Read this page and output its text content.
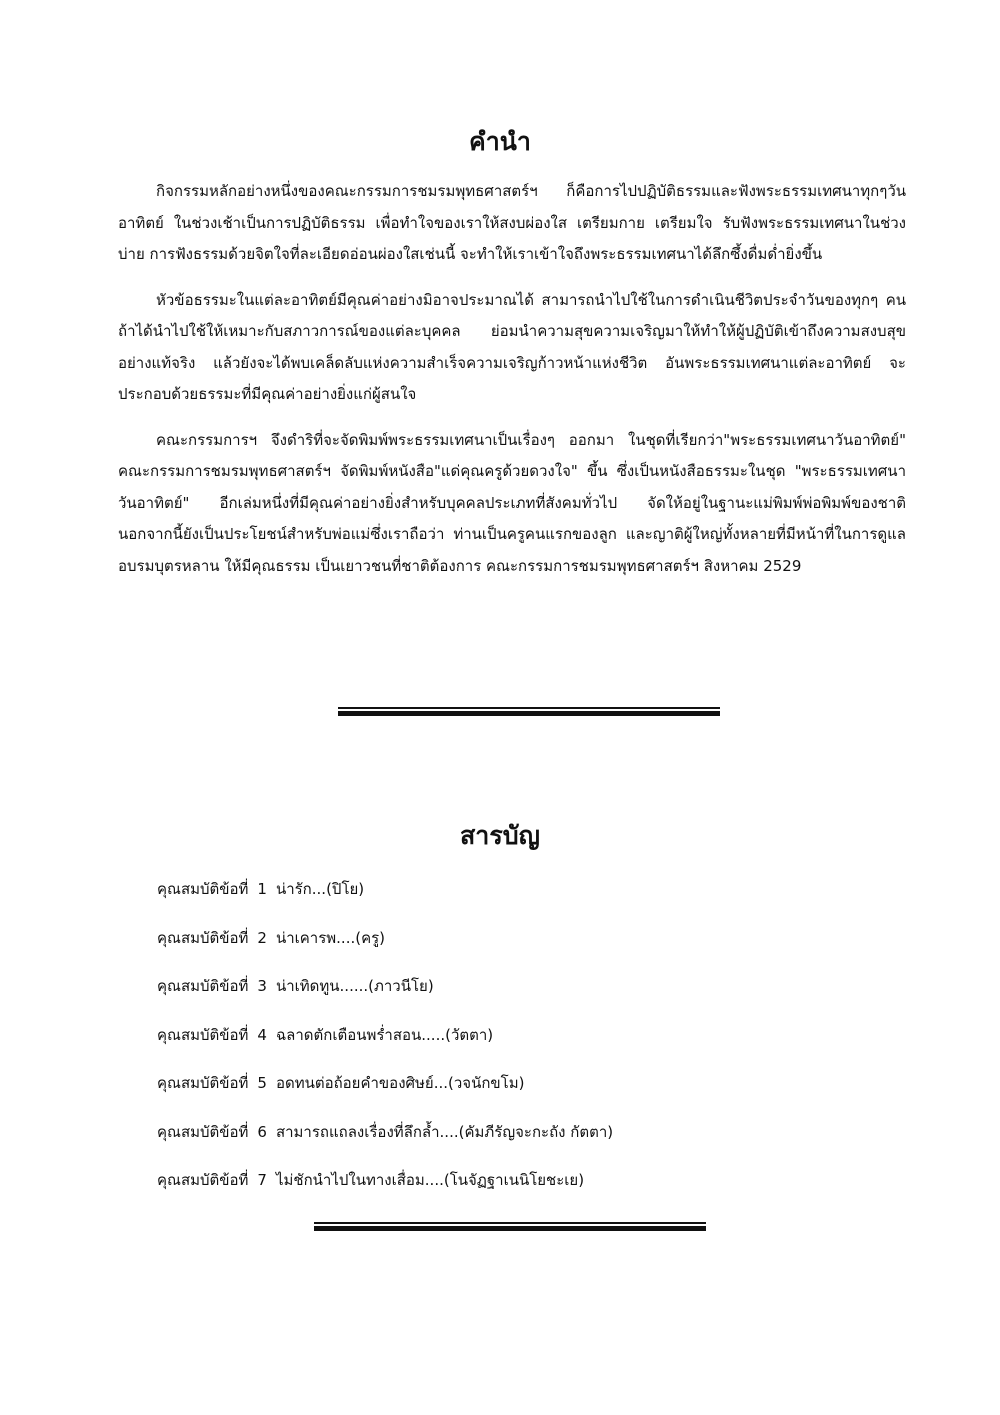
คำนำ

กิจกรรมหลักอย่างหนึ่งของคณะกรรมการชมรมพุทธศาสตร์ฯ ก็คือการไปปฏิบัติธรรมและฟังพระธรรมเทศนาทุกๆวันอาทิตย์ ในช่วงเช้าเป็นการปฏิบัติธรรม เพื่อทำใจของเราให้สงบผ่องใส เตรียมกาย เตรียมใจ รับฟังพระธรรมเทศนาในช่วงบ่าย การฟังธรรมด้วยจิตใจที่ละเอียดอ่อนผ่องใสเช่นนี้ จะทำให้เราเข้าใจถึงพระธรรมเทศนาได้ลึกซึ้งดื่มด่ำยิ่งขึ้น

หัวข้อธรรมะในแต่ละอาทิตย์มีคุณค่าอย่างมิอาจประมาณได้ สามารถนำไปใช้ในการดำเนินชีวิตประจำวันของทุกๆ คน ถ้าได้นำไปใช้ให้เหมาะกับสภาวการณ์ของแต่ละบุคคล ย่อมนำความสุขความเจริญมาให้ทำให้ผู้ปฏิบัติเข้าถึงความสงบสุขอย่างแท้จริง แล้วยังจะได้พบเคล็ดลับแห่งความสำเร็จความเจริญก้าวหน้าแห่งชีวิต อันพระธรรมเทศนาแต่ละอาทิตย์ จะประกอบด้วยธรรมะที่มีคุณค่าอย่างยิ่งแก่ผู้สนใจ

คณะกรรมการฯ จึงดำริที่จะจัดพิมพ์พระธรรมเทศนาเป็นเรื่องๆ ออกมา ในชุดที่เรียกว่า"พระธรรมเทศนาวันอาทิตย์" คณะกรรมการชมรมพุทธศาสตร์ฯ จัดพิมพ์หนังสือ"แด่คุณครูด้วยดวงใจ" ขึ้น ซึ่งเป็นหนังสือธรรมะในชุด "พระธรรมเทศนาวันอาทิตย์" อีกเล่มหนึ่งที่มีคุณค่าอย่างยิ่งสำหรับบุคคลประเภทที่สังคมทั่วไป จัดให้อยู่ในฐานะแม่พิมพ์พ่อพิมพ์ของชาติ นอกจากนี้ยังเป็นประโยชน์สำหรับพ่อแม่ซึ่งเราถือว่า ท่านเป็นครูคนแรกของลูก และญาติผู้ใหญ่ทั้งหลายที่มีหน้าที่ในการดูแลอบรมบุตรหลาน ให้มีคุณธรรม เป็นเยาวชนที่ชาติต้องการ คณะกรรมการชมรมพุทธศาสตร์ฯ สิงหาคม 2529

สารบัญ
คุณสมบัติข้อที่ 1 น่ารัก...(ปิโย)
คุณสมบัติข้อที่ 2 น่าเคารพ....(ครู)
คุณสมบัติข้อที่ 3 น่าเทิดทูน......(ภาวนีโย)
คุณสมบัติข้อที่ 4 ฉลาดตักเตือนพร่ำสอน.....(วัตตา)
คุณสมบัติข้อที่ 5 อดทนต่อถ้อยคำของศิษย์...(วจนักขโม)
คุณสมบัติข้อที่ 6 สามารถแถลงเรื่องที่ลึกล้ำ....(คัมภีรัญจะกะถัง กัตตา)
คุณสมบัติข้อที่ 7 ไม่ชักนำไปในทางเสื่อม....(โนจัฏฐาเนนิโยชะเย)
